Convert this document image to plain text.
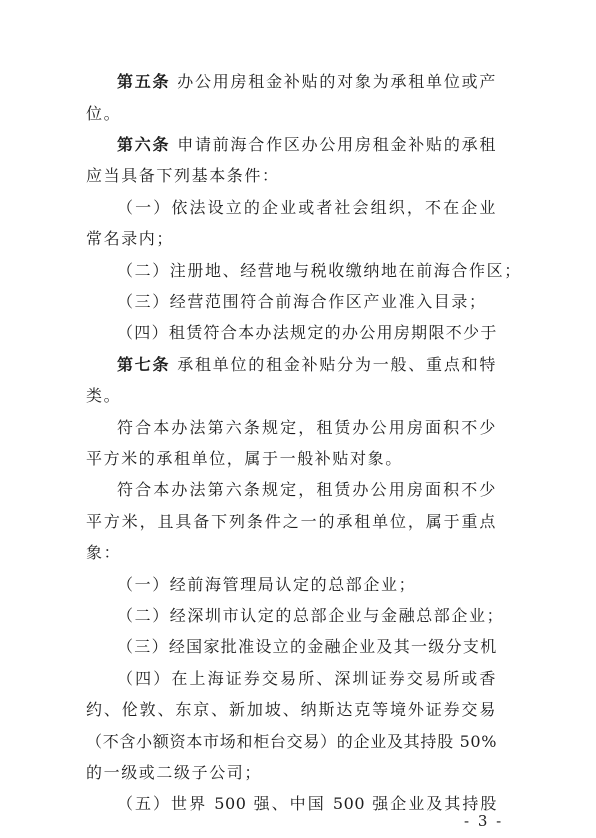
第五条 办公用房租金补贴的对象为承租单位或产
位。
第六条 申请前海合作区办公用房租金补贴的承租
应当具备下列基本条件：
（一）依法设立的企业或者社会组织，不在企业
常名录内；
（二）注册地、经营地与税收缴纳地在前海合作区；
（三）经营范围符合前海合作区产业准入目录；
（四）租赁符合本办法规定的办公用房期限不少于
第七条 承租单位的租金补贴分为一般、重点和特
类。
符合本办法第六条规定，租赁办公用房面积不少
平方米的承租单位，属于一般补贴对象。
符合本办法第六条规定，租赁办公用房面积不少
平方米，且具备下列条件之一的承租单位，属于重点
象：
（一）经前海管理局认定的总部企业；
（二）经深圳市认定的总部企业与金融总部企业；
（三）经国家批准设立的金融企业及其一级分支机
（四）在上海证券交易所、深圳证券交易所或香
约、伦敦、东京、新加坡、纳斯达克等境外证券交易
（不含小额资本市场和柜台交易）的企业及其持股 50%
的一级或二级子公司；
（五）世界 500 强、中国 500 强企业及其持股
- 3 -
